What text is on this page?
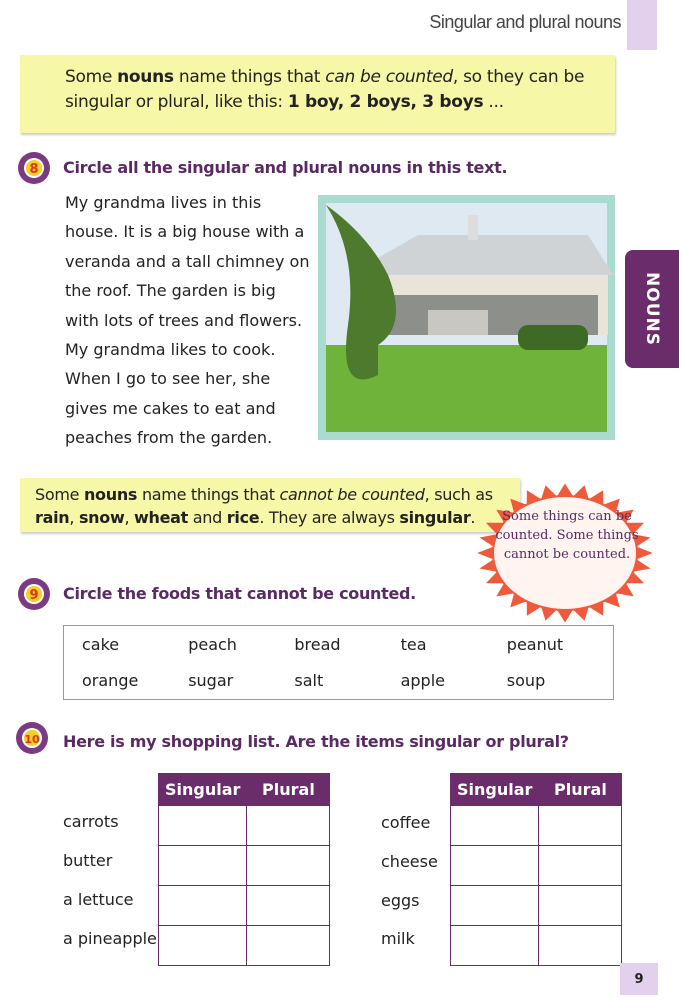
Singular and plural nouns
Some nouns name things that can be counted, so they can be singular or plural, like this: 1 boy, 2 boys, 3 boys ...
8 Circle all the singular and plural nouns in this text.
My grandma lives in this house. It is a big house with a veranda and a tall chimney on the roof. The garden is big with lots of trees and flowers. My grandma likes to cook. When I go to see her, she gives me cakes to eat and peaches from the garden.
NOUNS
Some nouns name things that cannot be counted, such as rain, snow, wheat and rice. They are always singular.	Some things can be counted. Some things cannot be counted.
9 Circle the foods that cannot be counted.
cake	peach	bread	tea	peanut
orange	sugar	salt	apple	soup
10 Here is my shopping list. Are the items singular or plural?
Singular	Plural

		Singular	Plural

carrots
butter
a lettuce
a pineapple
coffee
cheese
eggs
milk
9
